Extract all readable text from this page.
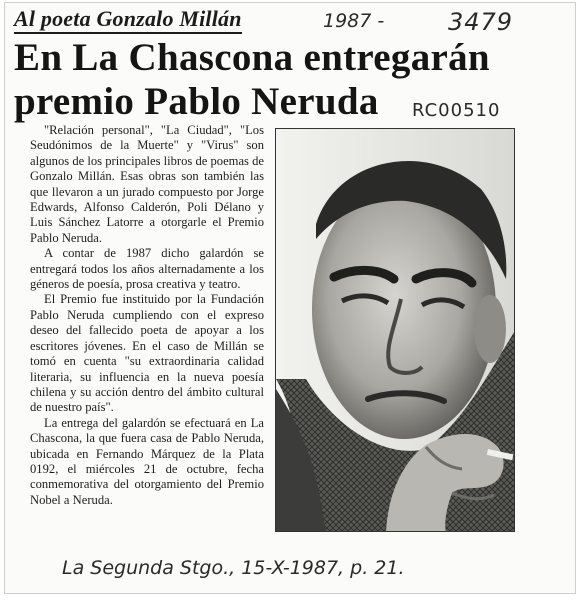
Al poeta Gonzalo Millán	1987 -	3479
RC00510
En La Chascona entregarán
premio Pablo Neruda

"Relación personal", "La Ciudad", "Los Seudónimos de la Muerte" y "Virus" son algunos de los principales libros de poemas de Gonzalo Millán. Esas obras son también las que llevaron a un jurado compuesto por Jorge Edwards, Alfonso Calderón, Poli Délano y Luis Sánchez Latorre a otorgarle el Premio Pablo Neruda.

A contar de 1987 dicho galardón se entregará todos los años alternadamente a los géneros de poesía, prosa creativa y teatro.

El Premio fue instituido por la Fundación Pablo Neruda cumpliendo con el expreso deseo del fallecido poeta de apoyar a los escritores jóvenes. En el caso de Millán se tomó en cuenta "su extraordinaria calidad literaria, su influencia en la nueva poesía chilena y su acción dentro del ámbito cultural de nuestro país".

La entrega del galardón se efectuará en La Chascona, la que fuera casa de Pablo Neruda, ubicada en Fernando Márquez de la Plata 0192, el miércoles 21 de octubre, fecha conmemorativa del otorgamiento del Premio Nobel a Neruda.

La Segunda Stgo., 15-X-1987, p. 21.
